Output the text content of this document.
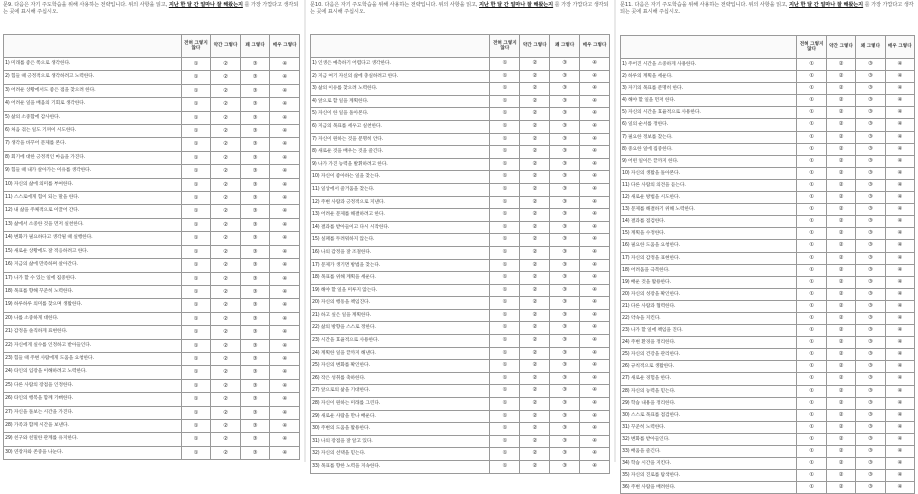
문9. 다음은 자기 주도학습을 위해 사용하는 전략입니다. 위의 사항을 읽고, 지난 한 달 간 얼마나 잘 해왔는지 를 가장 가깝다고 생각되는 곳에 표시해 주십시오.
	전혀 그렇지 않다	약간 그렇다	꽤 그렇다	매우 그렇다
1) 미래를 좋은 쪽으로 생각한다.	①	②	③	④
2) 힘들 때 긍정적으로 생각하려고 노력한다.	①	②	③	④
3) 어려운 상황에서도 좋은 점을 찾으려 한다.	①	②	③	④
4) 어려운 일을 배움의 기회로 생각한다.	①	②	③	④
5) 삶의 소중함에 감사한다.	①	②	③	④
6) 처음 겪는 일도 기꺼이 시도한다.	①	②	③	④
7) 생각을 바꾸어 문제를 본다.	①	②	③	④
8) 회기에 대한 긍정적인 마음을 가진다.	①	②	③	④
9) 힘들 때 내가 살아가는 이유를 생각한다.	①	②	③	④
10) 자신의 삶에 의미를 부여한다.	①	②	③	④
11) 스스로에게 힘이 되는 말을 한다.	①	②	③	④
12) 내 삶을 주체적으로 이끌어 간다.	①	②	③	④
13) 삶에서 소중한 것을 먼저 실천한다.	①	②	③	④
14) 변화가 필요하다고 생각될 때 실행한다.	①	②	③	④
15) 새로운 상황에도 잘 적응하려고 한다.	①	②	③	④
16) 지금의 삶에 만족하며 살아간다.	①	②	③	④
17) 나가 할 수 있는 일에 집중한다.	①	②	③	④
18) 목표를 향해 꾸준히 노력한다.	①	②	③	④
19) 하루하루 의미를 찾으며 생활한다.	①	②	③	④
20) 나를 소중하게 대한다.	①	②	③	④
21) 감정을 솔직하게 표현한다.	①	②	③	④
22) 자신에게 실수를 인정하고 받아들인다.	①	②	③	④
23) 힘들 때 주변 사람에게 도움을 요청한다.	①	②	③	④
24) 타인의 입장을 이해하려고 노력한다.	①	②	③	④
25) 다른 사람의 장점을 인정한다.	①	②	③	④
26) 타인의 행복을 함께 기뻐한다.	①	②	③	④
27) 자신을 돌보는 시간을 가진다.	①	②	③	④
28) 가족과 함께 시간을 보낸다.	①	②	③	④
29) 친구와 친밀한 관계를 유지한다.	①	②	③	④
30) 연장자와 존중을 나눈다.	①	②	③	④
문10. 다음은 자기 주도학습을 위해 사용하는 전략입니다. 위의 사항을 읽고, 지난 한 달 간 얼마나 잘 해왔는지 를 가장 가깝다고 생각되는 곳에 표시해 주십시오.
	전혀 그렇지 않다	약간 그렇다	꽤 그렇다	매우 그렇다
1) 인생은 예측하기 어렵다고 생각한다.	①	②	③	④
2) 지금 여기 자신의 삶에 충실하려고 한다.	①	②	③	④
3) 삶의 이유를 찾으려 노력한다.	①	②	③	④
4) 앞으로 할 일을 계획한다.	①	②	③	④
5) 자신이 한 일을 돌아본다.	①	②	③	④
6) 지금의 목표를 세우고 실천한다.	①	②	③	④
7) 자신이 원하는 것을 분명히 안다.	①	②	③	④
8) 새로운 것을 배우는 것을 즐긴다.	①	②	③	④
9) 나가 가진 능력을 발휘하려고 한다.	①	②	③	④
10) 자신이 좋아하는 일을 찾는다.	①	②	③	④
11) 일상에서 즐거움을 찾는다.	①	②	③	④
12) 주변 사람과 긍정적으로 지낸다.	①	②	③	④
13) 어려운 문제를 해결하려고 한다.	①	②	③	④
14) 결과를 받아들이고 다시 시작한다.	①	②	③	④
15) 실패를 두려워하지 않는다.	①	②	③	④
16) 나의 감정을 잘 조절한다.	①	②	③	④
17) 문제가 생기면 방법을 찾는다.	①	②	③	④
18) 목표를 위해 계획을 세운다.	①	②	③	④
19) 해야 할 일을 미루지 않는다.	①	②	③	④
20) 자신의 행동을 책임진다.	①	②	③	④
21) 하고 싶은 일을 계획한다.	①	②	③	④
22) 삶의 방향을 스스로 정한다.	①	②	③	④
23) 시간을 효율적으로 사용한다.	①	②	③	④
24) 계획한 일을 끝까지 해낸다.	①	②	③	④
25) 자신의 변화를 확인한다.	①	②	③	④
26) 작은 성취를 축하한다.	①	②	③	④
27) 앞으로의 삶을 기대한다.	①	②	③	④
28) 자신이 원하는 미래를 그린다.	①	②	③	④
29) 새로운 사람을 만나 배운다.	①	②	③	④
30) 주변의 도움을 활용한다.	①	②	③	④
31) 나의 장점을 잘 알고 있다.	①	②	③	④
32) 자신의 선택을 믿는다.	①	②	③	④
33) 목표를 향한 노력을 지속한다.	①	②	③	④
문11. 다음은 자기 주도학습을 위해 사용하는 전략입니다. 위의 사항을 읽고, 지난 한 달 간 얼마나 잘 해왔는지 를 가장 가깝다고 생각되는 곳에 표시해 주십시오.
	전혀 그렇지 않다	약간 그렇다	꽤 그렇다	매우 그렇다
1) 주어진 시간을 소중하게 사용한다.	①	②	③	④
2) 하루의 계획을 세운다.	①	②	③	④
3) 자기의 목표를 분명히 한다.	①	②	③	④
4) 해야 할 일을 먼저 한다.	①	②	③	④
5) 자신의 시간을 효율적으로 사용한다.	①	②	③	④
6) 일의 순서를 정한다.	①	②	③	④
7) 필요한 정보를 찾는다.	①	②	③	④
8) 중요한 일에 집중한다.	①	②	③	④
9) 어떤 일이든 끝까지 한다.	①	②	③	④
10) 자신의 생활을 돌아본다.	①	②	③	④
11) 다른 사람의 의견을 듣는다.	①	②	③	④
12) 새로운 방법을 시도한다.	①	②	③	④
13) 문제를 해결하기 위해 노력한다.	①	②	③	④
14) 결과를 점검한다.	①	②	③	④
15) 계획을 수정한다.	①	②	③	④
16) 필요한 도움을 요청한다.	①	②	③	④
17) 자신의 감정을 표현한다.	①	②	③	④
18) 어려움을 극복한다.	①	②	③	④
19) 배운 것을 활용한다.	①	②	③	④
20) 자신의 성장을 확인한다.	①	②	③	④
21) 다른 사람과 협력한다.	①	②	③	④
22) 약속을 지킨다.	①	②	③	④
23) 나가 할 일에 책임을 진다.	①	②	③	④
24) 주변 환경을 정리한다.	①	②	③	④
25) 자신의 건강을 관리한다.	①	②	③	④
26) 규칙적으로 생활한다.	①	②	③	④
27) 새로운 경험을 한다.	①	②	③	④
28) 자신의 능력을 믿는다.	①	②	③	④
29) 학습 내용을 정리한다.	①	②	③	④
30) 스스로 목표를 점검한다.	①	②	③	④
31) 꾸준히 노력한다.	①	②	③	④
32) 변화를 받아들인다.	①	②	③	④
33) 배움을 즐긴다.	①	②	③	④
34) 학습 시간을 지킨다.	①	②	③	④
35) 자신의 진로를 탐색한다.	①	②	③	④
36) 주변 사람을 배려한다.	①	②	③	④
